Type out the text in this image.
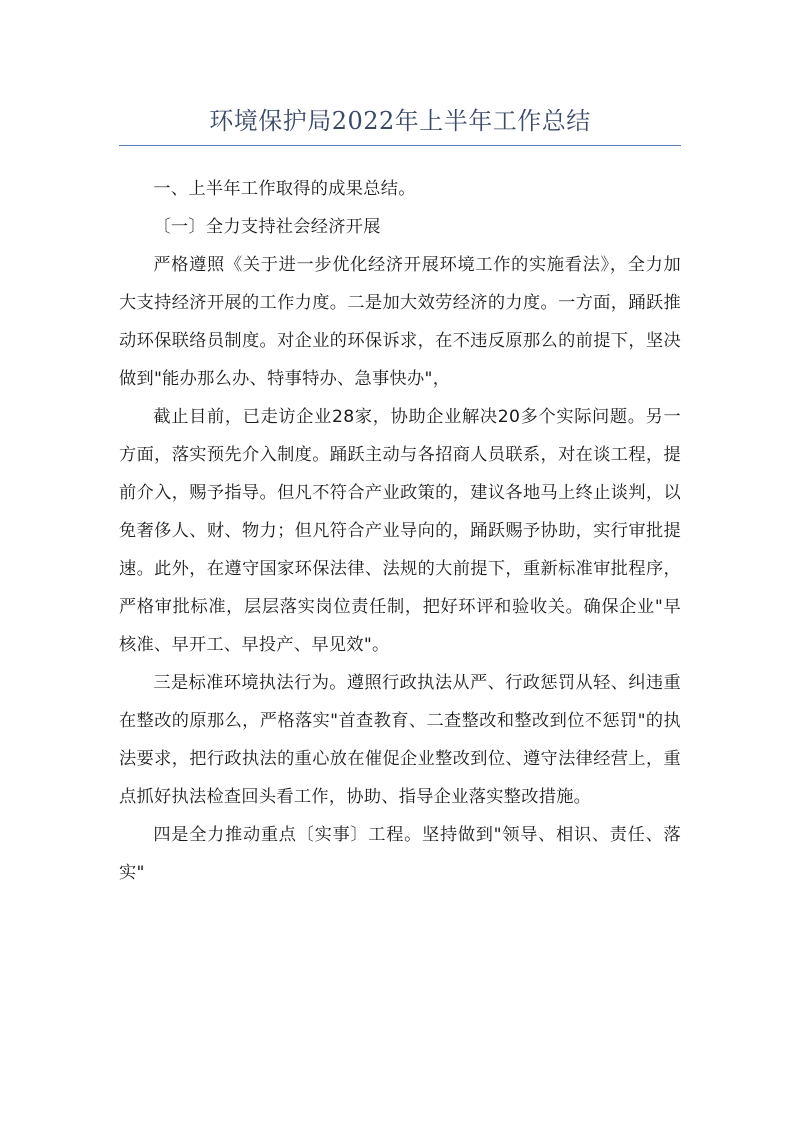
环境保护局2022年上半年工作总结

一、上半年工作取得的成果总结。

〔一〕全力支持社会经济开展

严格遵照《关于进一步优化经济开展环境工作的实施看法》，全力加大支持经济开展的工作力度。二是加大效劳经济的力度。一方面，踊跃推动环保联络员制度。对企业的环保诉求，在不违反原那么的前提下，坚决做到"能办那么办、特事特办、急事快办"，

截止目前，已走访企业28家，协助企业解决20多个实际问题。另一方面，落实预先介入制度。踊跃主动与各招商人员联系，对在谈工程，提前介入，赐予指导。但凡不符合产业政策的，建议各地马上终止谈判，以免奢侈人、财、物力；但凡符合产业导向的，踊跃赐予协助，实行审批提速。此外，在遵守国家环保法律、法规的大前提下，重新标准审批程序，严格审批标准，层层落实岗位责任制，把好环评和验收关。确保企业"早核准、早开工、早投产、早见效"。

三是标准环境执法行为。遵照行政执法从严、行政惩罚从轻、纠违重在整改的原那么，严格落实"首查教育、二查整改和整改到位不惩罚"的执法要求，把行政执法的重心放在催促企业整改到位、遵守法律经营上，重点抓好执法检查回头看工作，协助、指导企业落实整改措施。

四是全力推动重点〔实事〕工程。坚持做到"领导、相识、责任、落实"
